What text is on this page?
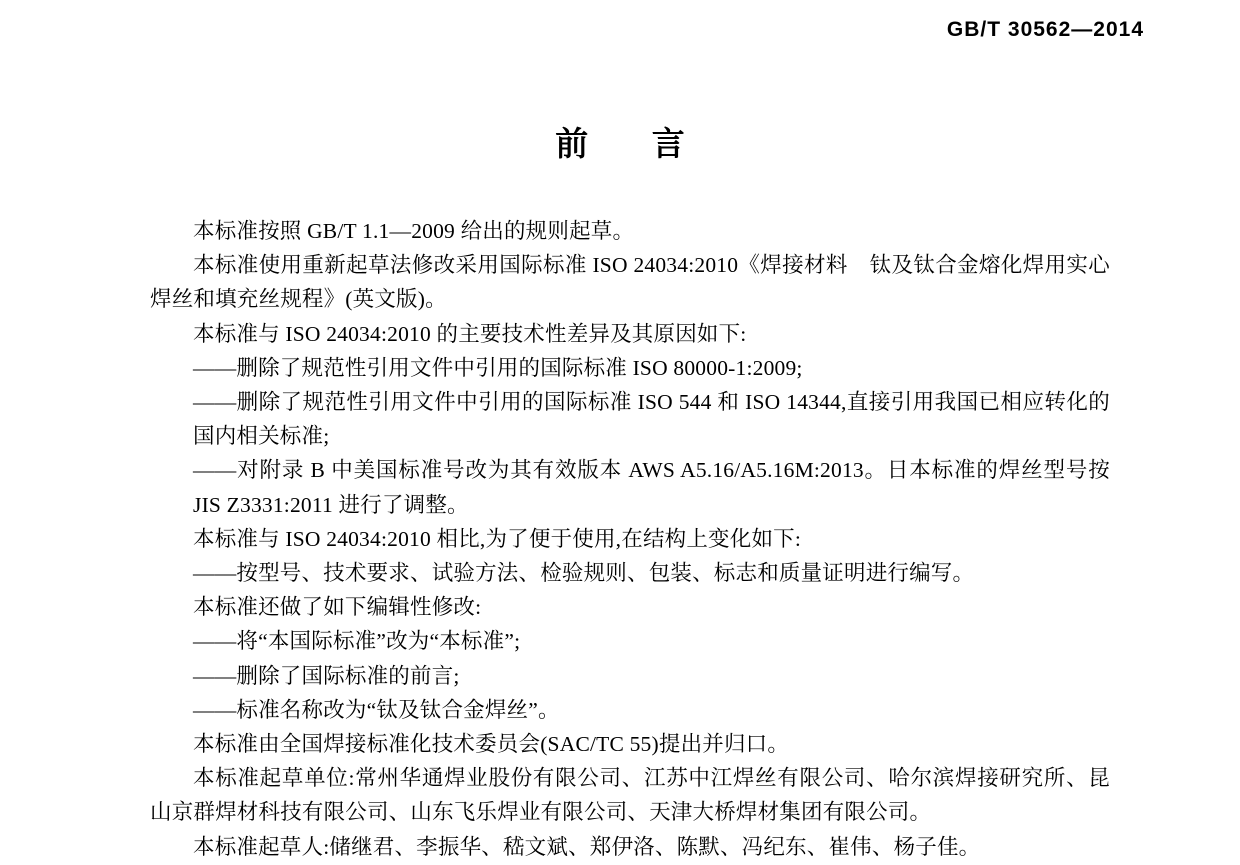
GB/T 30562—2014
前 言

本标准按照 GB/T 1.1—2009 给出的规则起草。

本标准使用重新起草法修改采用国际标准 ISO 24034:2010《焊接材料　钛及钛合金熔化焊用实心焊丝和填充丝规程》(英文版)。

本标准与 ISO 24034:2010 的主要技术性差异及其原因如下:

——删除了规范性引用文件中引用的国际标准 ISO 80000-1:2009;

——删除了规范性引用文件中引用的国际标准 ISO 544 和 ISO 14344,直接引用我国已相应转化的国内相关标准;

——对附录 B 中美国标准号改为其有效版本 AWS A5.16/A5.16M:2013。日本标准的焊丝型号按 JIS Z3331:2011 进行了调整。

本标准与 ISO 24034:2010 相比,为了便于使用,在结构上变化如下:

——按型号、技术要求、试验方法、检验规则、包装、标志和质量证明进行编写。

本标准还做了如下编辑性修改:

——将“本国际标准”改为“本标准”;

——删除了国际标准的前言;

——标准名称改为“钛及钛合金焊丝”。

本标准由全国焊接标准化技术委员会(SAC/TC 55)提出并归口。

本标准起草单位:常州华通焊业股份有限公司、江苏中江焊丝有限公司、哈尔滨焊接研究所、昆山京群焊材科技有限公司、山东飞乐焊业有限公司、天津大桥焊材集团有限公司。

本标准起草人:储继君、李振华、嵇文斌、郑伊洛、陈默、冯纪东、崔伟、杨子佳。
